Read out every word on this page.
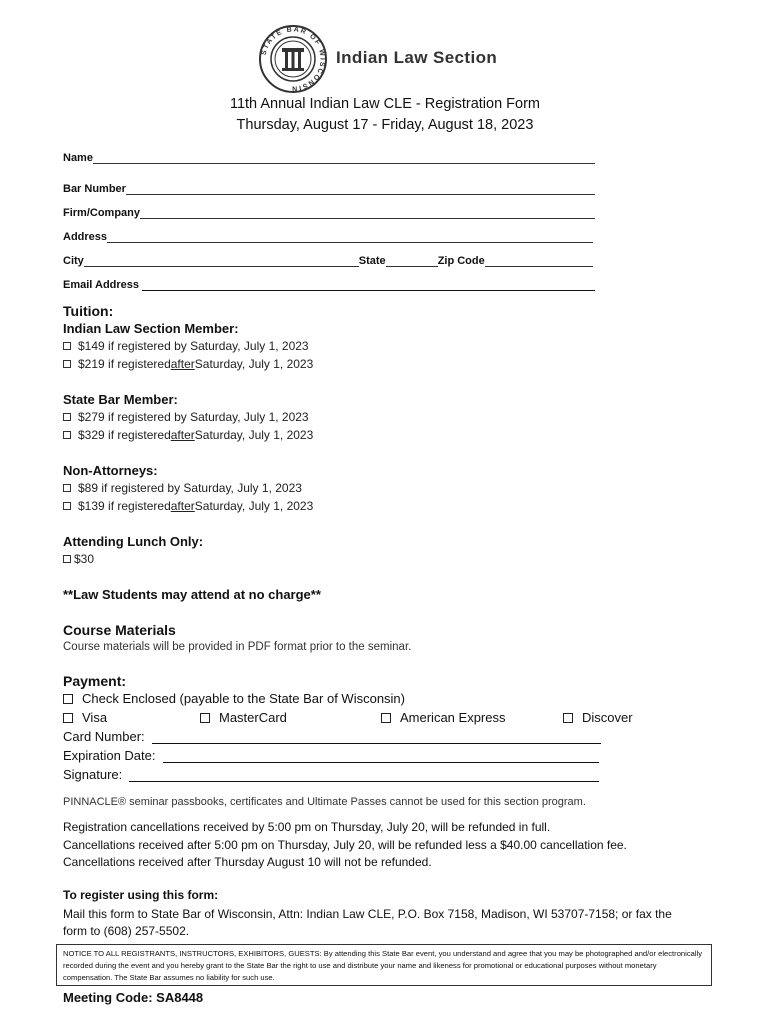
STATE BAR OF WISCONSIN
Indian Law Section
11th Annual Indian Law CLE - Registration Form
Thursday, August 17 - Friday, August 18, 2023
Name
Bar Number
Firm/Company
Address
City	State	Zip Code
Email Address
Tuition:
Indian Law Section Member:
$149
if registered by Saturday, July 1, 2023
$219
if registered after Saturday, July 1, 2023
State Bar Member:
$279
if registered by Saturday, July 1, 2023
$329
if registered after Saturday, July 1, 2023
Non-Attorneys:
$89
if registered by Saturday, July 1, 2023
$139
if registered after Saturday, July 1, 2023
Attending Lunch Only:
$30
**Law Students may attend at no charge**
Course Materials
Course materials will be provided in PDF format prior to the seminar.
Payment:
Check Enclosed (payable to the State Bar of Wisconsin)
Visa	MasterCard	American Express	Discover
Card Number:
Expiration Date:
Signature:
PINNACLE® seminar passbooks, certificates and Ultimate Passes cannot be used for this section program.
Registration cancellations received by 5:00 pm on Thursday, July 20, will be refunded in full.
Cancellations received after 5:00 pm on Thursday, July 20, will be refunded less a $40.00 cancellation fee.
Cancellations received after Thursday August 10 will not be refunded.
To register using this form:
Mail this form to State Bar of Wisconsin, Attn: Indian Law CLE, P.O. Box 7158, Madison, WI 53707-7158; or fax the
form to (608) 257-5502.
NOTICE TO ALL REGISTRANTS, INSTRUCTORS, EXHIBITORS, GUESTS: By attending this State Bar event, you understand and agree that you may be photographed and/or electronically recorded during the event and you hereby grant to the State Bar the right to use and distribute your name and likeness for promotional or educational purposes without monetary compensation. The State Bar assumes no liability for such use.
Meeting Code: SA8448
